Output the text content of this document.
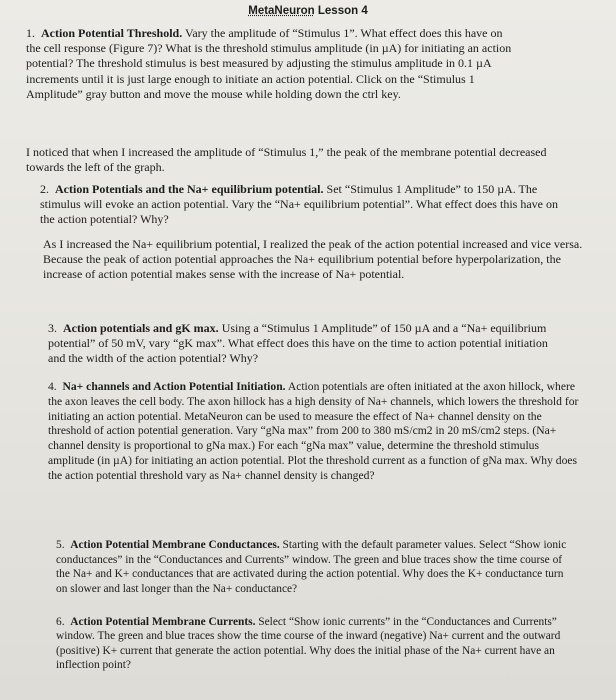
MetaNeuron Lesson 4

1. Action Potential Threshold. Vary the amplitude of “Stimulus 1”. What effect does this have on the cell response (Figure 7)? What is the threshold stimulus amplitude (in µA) for initiating an action potential? The threshold stimulus is best measured by adjusting the stimulus amplitude in 0.1 µA increments until it is just large enough to initiate an action potential. Click on the “Stimulus 1 Amplitude” gray button and move the mouse while holding down the ctrl key.

I noticed that when I increased the amplitude of “Stimulus 1,” the peak of the membrane potential decreased towards the left of the graph.

2. Action Potentials and the Na+ equilibrium potential. Set “Stimulus 1 Amplitude” to 150 µA. The stimulus will evoke an action potential. Vary the “Na+ equilibrium potential”. What effect does this have on the action potential? Why?

As I increased the Na+ equilibrium potential, I realized the peak of the action potential increased and vice versa. Because the peak of action potential approaches the Na+ equilibrium potential before hyperpolarization, the increase of action potential makes sense with the increase of Na+ potential.

3. Action potentials and gK max. Using a “Stimulus 1 Amplitude” of 150 µA and a “Na+ equilibrium potential” of 50 mV, vary “gK max”. What effect does this have on the time to action potential initiation and the width of the action potential? Why?

4. Na+ channels and Action Potential Initiation. Action potentials are often initiated at the axon hillock, where the axon leaves the cell body. The axon hillock has a high density of Na+ channels, which lowers the threshold for initiating an action potential. MetaNeuron can be used to measure the effect of Na+ channel density on the threshold of action potential generation. Vary “gNa max” from 200 to 380 mS/cm2 in 20 mS/cm2 steps. (Na+ channel density is proportional to gNa max.) For each “gNa max” value, determine the threshold stimulus amplitude (in µA) for initiating an action potential. Plot the threshold current as a function of gNa max. Why does the action potential threshold vary as Na+ channel density is changed?

5. Action Potential Membrane Conductances. Starting with the default parameter values. Select “Show ionic conductances” in the “Conductances and Currents” window. The green and blue traces show the time course of the Na+ and K+ conductances that are activated during the action potential. Why does the K+ conductance turn on slower and last longer than the Na+ conductance?

6. Action Potential Membrane Currents. Select “Show ionic currents” in the “Conductances and Currents” window. The green and blue traces show the time course of the inward (negative) Na+ current and the outward (positive) K+ current that generate the action potential. Why does the initial phase of the Na+ current have an inflection point?
